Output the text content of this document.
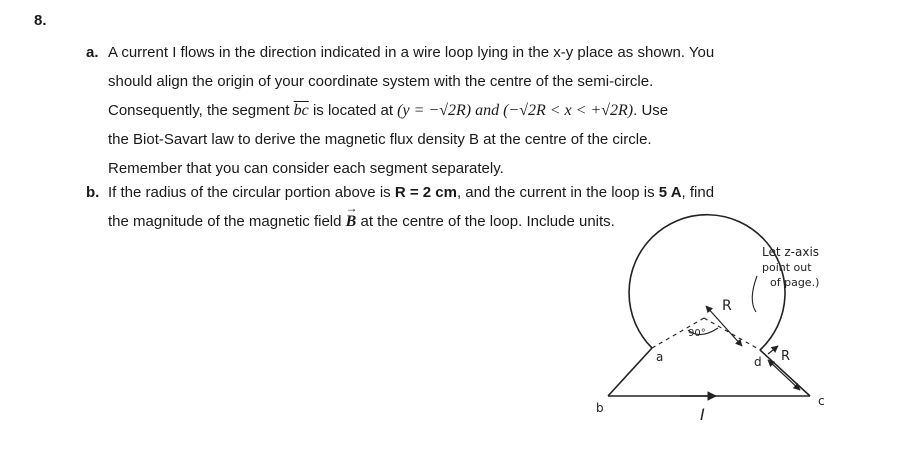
8.
a. A current I flows in the direction indicated in a wire loop lying in the x-y place as shown. You

should align the origin of your coordinate system with the centre of the semi-circle.

Consequently, the segment $\overline{bc}$ is located at (y = −√2R) and (−√2R < x < +√2R). Use

the Biot-Savart law to derive the magnetic flux density B at the centre of the circle.

Remember that you can consider each segment separately.

b. If the radius of the circular portion above is R = 2 cm, and the current in the loop is 5 A, find

the magnitude of the magnetic field B → at the centre of the loop. Include units.

Let z-axis
point out
of page.)
R
90°
a	d R
b	c
I
